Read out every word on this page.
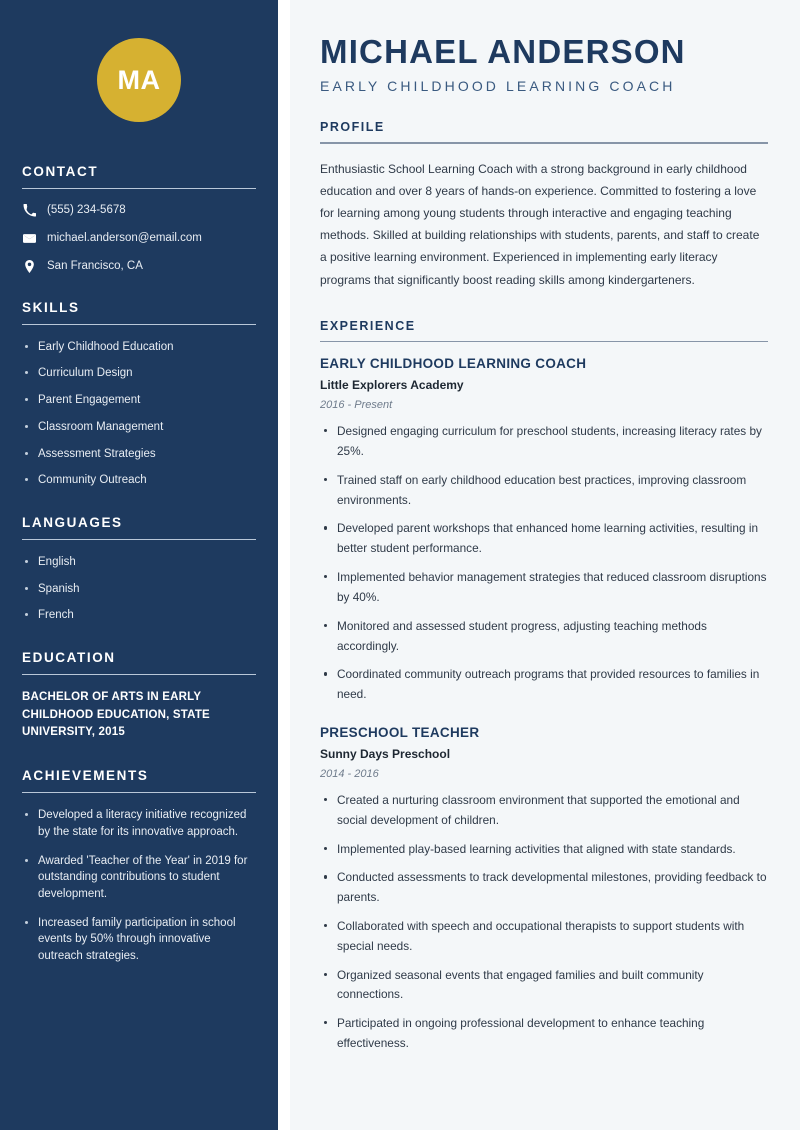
MA
CONTACT
(555) 234-5678
michael.anderson@email.com
San Francisco, CA
SKILLS
Early Childhood Education
Curriculum Design
Parent Engagement
Classroom Management
Assessment Strategies
Community Outreach
LANGUAGES
English
Spanish
French
EDUCATION
BACHELOR OF ARTS IN EARLY CHILDHOOD EDUCATION, STATE UNIVERSITY, 2015
ACHIEVEMENTS
Developed a literacy initiative recognized by the state for its innovative approach.
Awarded 'Teacher of the Year' in 2019 for outstanding contributions to student development.
Increased family participation in school events by 50% through innovative outreach strategies.
MICHAEL ANDERSON
EARLY CHILDHOOD LEARNING COACH
PROFILE

Enthusiastic School Learning Coach with a strong background in early childhood education and over 8 years of hands-on experience. Committed to fostering a love for learning among young students through interactive and engaging teaching methods. Skilled at building relationships with students, parents, and staff to create a positive learning environment. Experienced in implementing early literacy programs that significantly boost reading skills among kindergarteners.

EXPERIENCE
EARLY CHILDHOOD LEARNING COACH
Little Explorers Academy
2016 - Present
Designed engaging curriculum for preschool students, increasing literacy rates by 25%.
Trained staff on early childhood education best practices, improving classroom environments.
Developed parent workshops that enhanced home learning activities, resulting in better student performance.
Implemented behavior management strategies that reduced classroom disruptions by 40%.
Monitored and assessed student progress, adjusting teaching methods accordingly.
Coordinated community outreach programs that provided resources to families in need.
PRESCHOOL TEACHER
Sunny Days Preschool
2014 - 2016
Created a nurturing classroom environment that supported the emotional and social development of children.
Implemented play-based learning activities that aligned with state standards.
Conducted assessments to track developmental milestones, providing feedback to parents.
Collaborated with speech and occupational therapists to support students with special needs.
Organized seasonal events that engaged families and built community connections.
Participated in ongoing professional development to enhance teaching effectiveness.
